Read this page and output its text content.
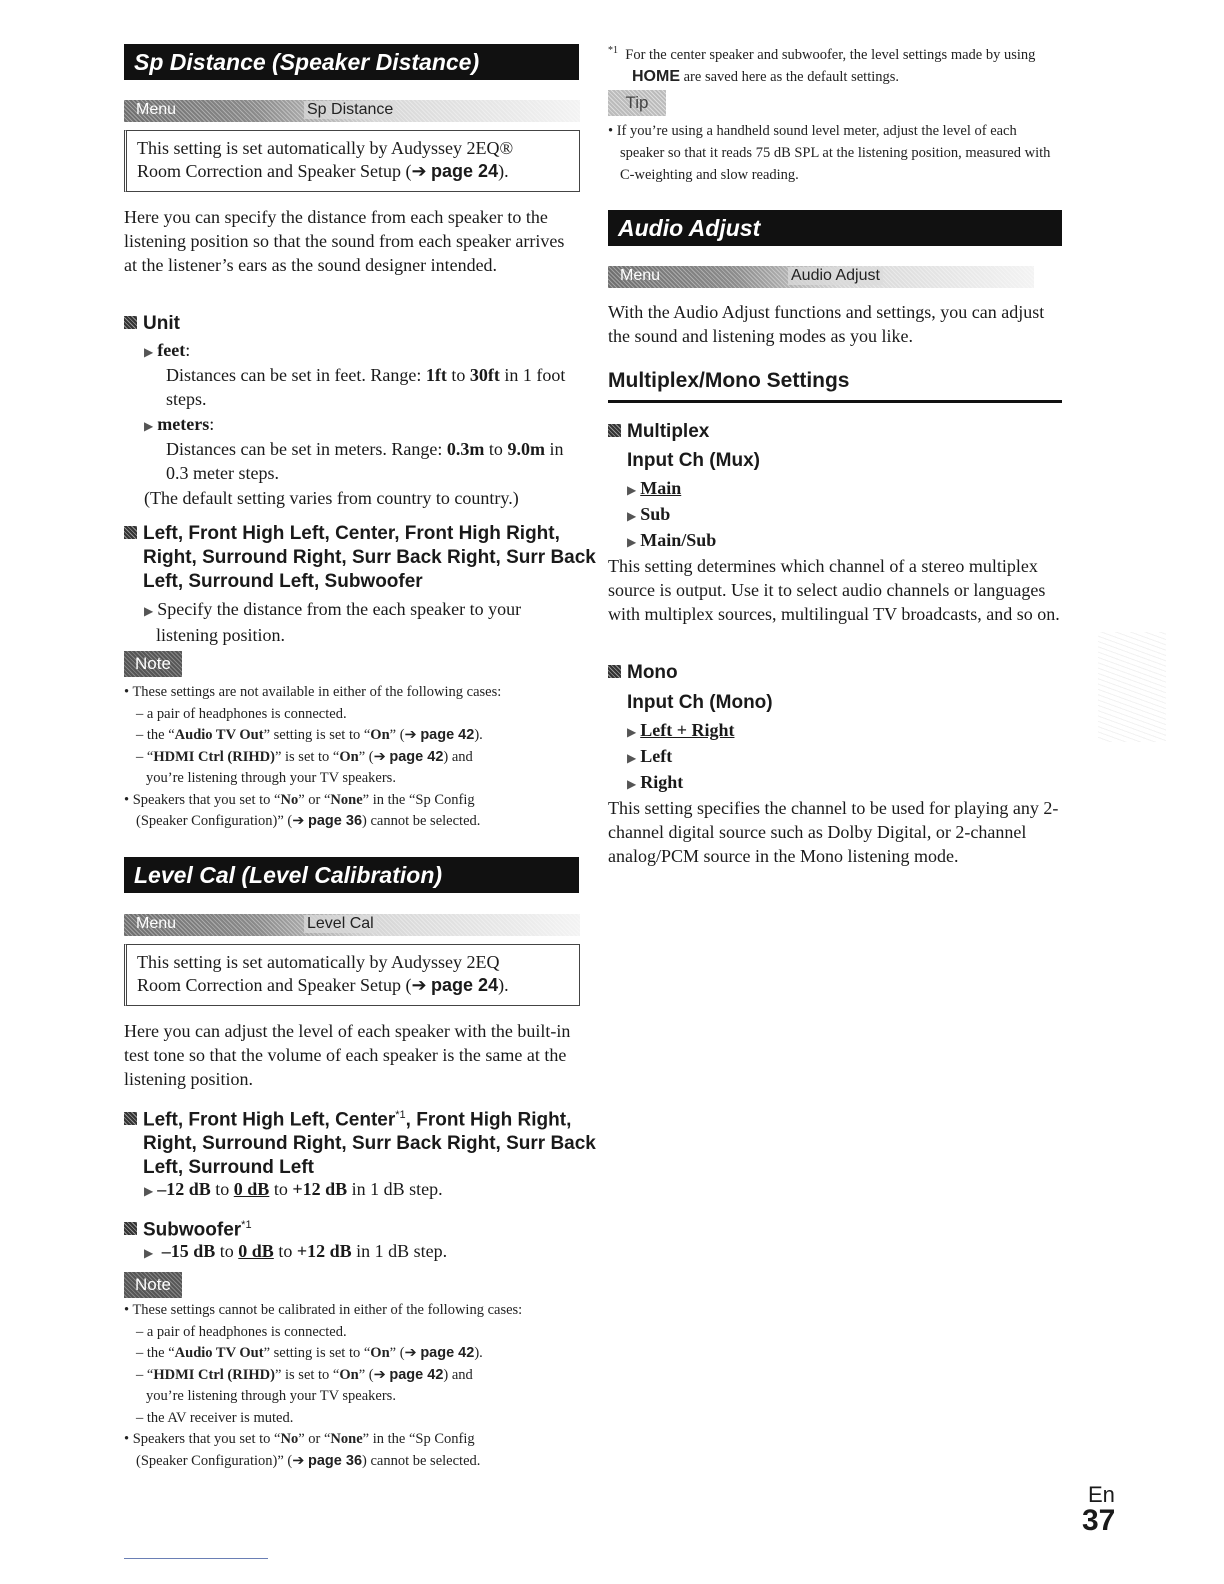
Sp Distance (Speaker Distance)
Menu	Sp Distance
This setting is set automatically by Audyssey 2EQ®
Room Correction and Speaker Setup (➔ page 24).
Here you can specify the distance from each speaker to the listening position so that the sound from each speaker arrives at the listener’s ears as the sound designer intended.
Unit
▶ feet:
Distances can be set in feet. Range: 1ft to 30ft in 1 foot steps.
▶ meters:
Distances can be set in meters. Range: 0.3m to 9.0m in 0.3 meter steps.
(The default setting varies from country to country.)
Left, Front High Left, Center, Front High Right, Right, Surround Right, Surr Back Right, Surr Back Left, Surround Left, Subwoofer
▶ Specify the distance from the each speaker to your listening position.
Note
• These settings are not available in either of the following cases:
– a pair of headphones is connected.
– the “Audio TV Out” setting is set to “On” (➔ page 42).
– “HDMI Ctrl (RIHD)” is set to “On” (➔ page 42) and
you’re listening through your TV speakers.
• Speakers that you set to “No” or “None” in the “Sp Config
(Speaker Configuration)” (➔ page 36) cannot be selected.
Level Cal (Level Calibration)
Menu	Level Cal
This setting is set automatically by Audyssey 2EQ
Room Correction and Speaker Setup (➔ page 24).
Here you can adjust the level of each speaker with the built-in test tone so that the volume of each speaker is the same at the listening position.
Left, Front High Left, Center$^{*1}$, Front High Right, Right, Surround Right, Surr Back Right, Surr Back Left, Surround Left
▶ –12 dB to 0 dB to +12 dB in 1 dB step.
Subwoofer$^{*1}$
▶ –15 dB to 0 dB to +12 dB in 1 dB step.
Note
• These settings cannot be calibrated in either of the following cases:
– a pair of headphones is connected.
– the “Audio TV Out” setting is set to “On” (➔ page 42).
– “HDMI Ctrl (RIHD)” is set to “On” (➔ page 42) and
you’re listening through your TV speakers.
– the AV receiver is muted.
• Speakers that you set to “No” or “None” in the “Sp Config
(Speaker Configuration)” (➔ page 36) cannot be selected.
$^{*1}$ For the center speaker and subwoofer, the level settings made by using HOME are saved here as the default settings.
Tip
• If you’re using a handheld sound level meter, adjust the level of each speaker so that it reads 75 dB SPL at the listening position, measured with C-weighting and slow reading.
Audio Adjust
Menu	Audio Adjust
With the Audio Adjust functions and settings, you can adjust the sound and listening modes as you like.
Multiplex/Mono Settings
Multiplex
Input Ch (Mux)
▶ Main
▶ Sub
▶ Main/Sub
This setting determines which channel of a stereo multiplex source is output. Use it to select audio channels or languages with multiplex sources, multilingual TV broadcasts, and so on.
Mono
Input Ch (Mono)
▶ Left + Right
▶ Left
▶ Right
This setting specifies the channel to be used for playing any 2-channel digital source such as Dolby Digital, or 2-channel analog/PCM source in the Mono listening mode.
En
37
